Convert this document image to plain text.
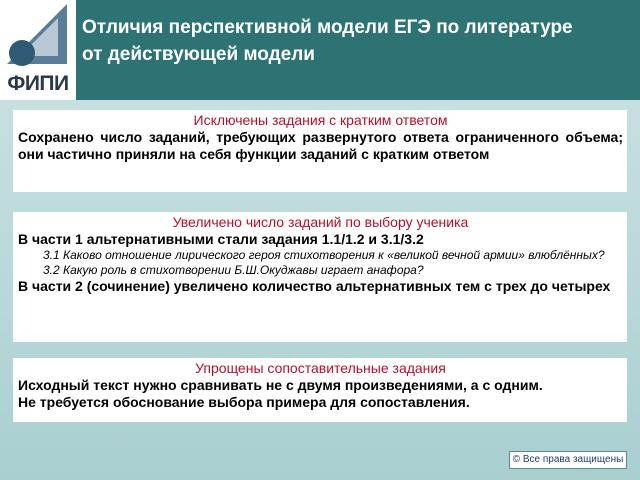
ФИПИ
Отличия перспективной модели ЕГЭ по литературе
от действующей модели
Исключены задания с кратким ответом
Сохранено число заданий, требующих развернутого ответа ограниченного объема; они частично приняли на себя функции заданий с кратким ответом
Увеличено число заданий по выбору ученика
В части 1 альтернативными стали задания 1.1/1.2 и 3.1/3.2
3.1 Каково отношение лирического героя стихотворения к «великой вечной армии» влюблённых?
3.2 Какую роль в стихотворении Б.Ш.Окуджавы играет анафора?
В части 2 (сочинение) увеличено количество альтернативных тем с трех до четырех
Упрощены сопоставительные задания
Исходный текст нужно сравнивать не с двумя произведениями, а с одним.
Не требуется обоснование выбора примера для сопоставления.
© Все права защищены
